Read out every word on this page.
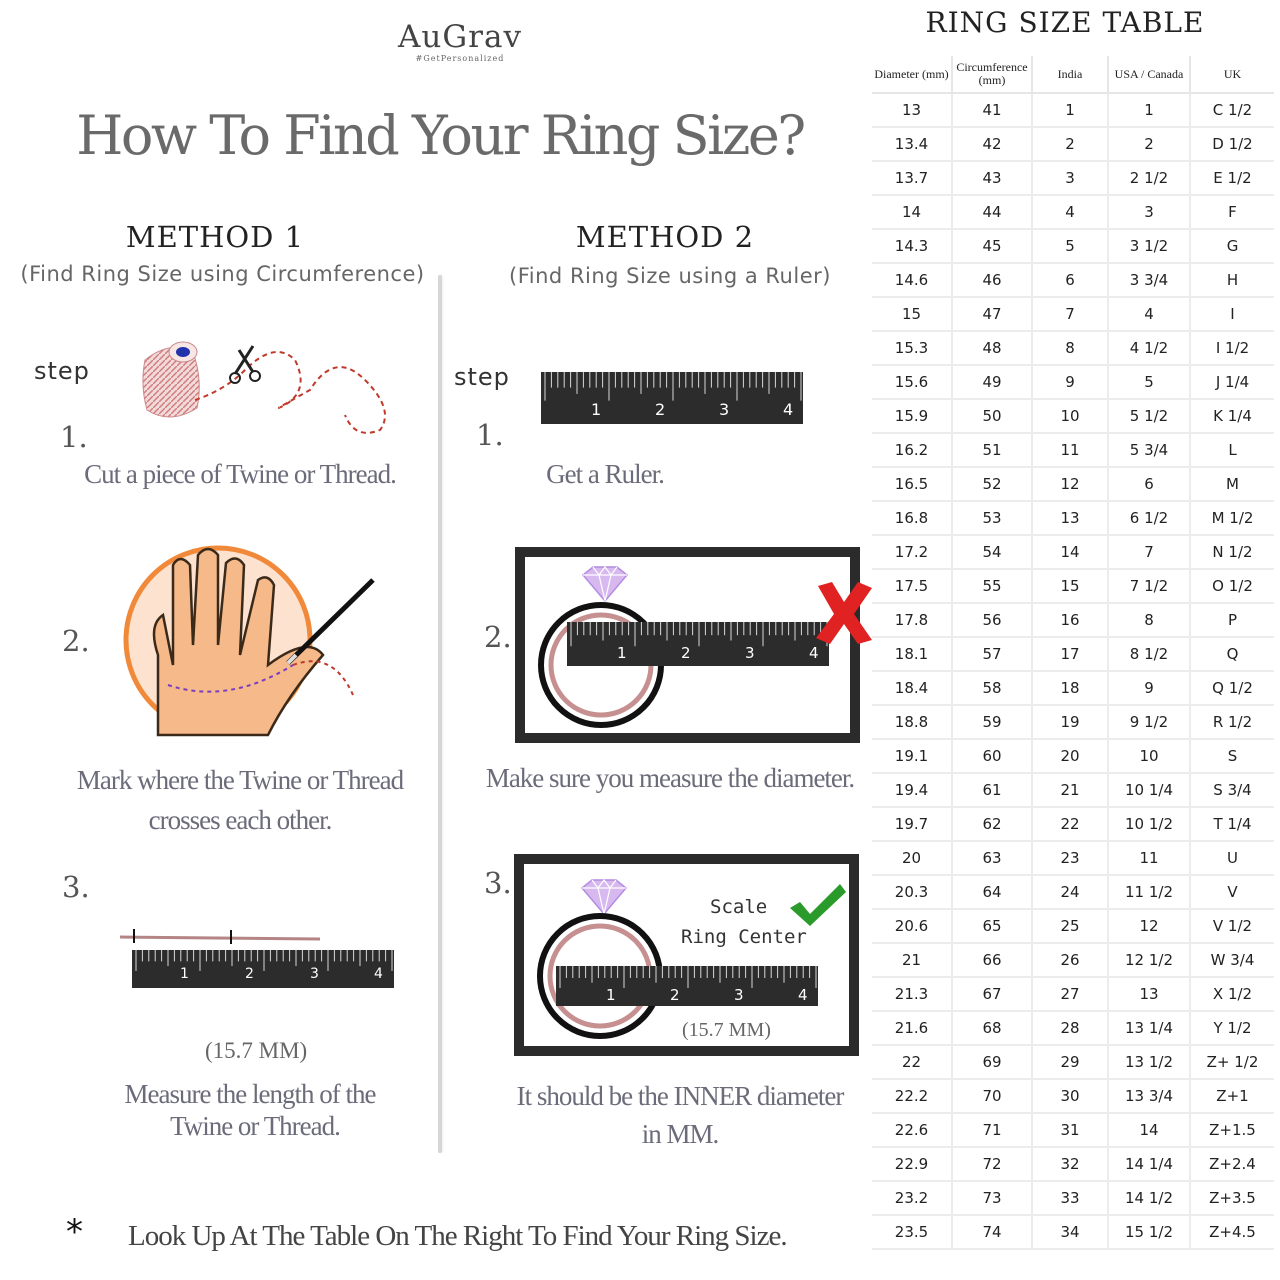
AuGrav
#GetPersonalized
How To Find Your Ring Size?
METHOD 1
(Find Ring Size using Circumference)
METHOD 2
(Find Ring Size using a Ruler)
step
1.
Cut a piece of Twine or Thread.
2.
Mark where the Twine or Thread
crosses each other.
3.
1	2	3	4
(15.7 MM)
Measure the length of the
Twine or Thread.
step
1.
1	2	3	4
Get a Ruler.
2.	1	2	3	4
Make sure you measure the diameter.
3.
Scale
Ring Center
1	2	3	4
(15.7 MM)
It should be the INNER diameter
in MM.
* Look Up At The Table On The Right To Find Your Ring Size.
RING SIZE TABLE
Diameter (mm)	Circumference (mm)	India	USA / Canada	UK
13	41	1	1	C 1/2
13.4	42	2	2	D 1/2
13.7	43	3	2 1/2	E 1/2
14	44	4	3	F
14.3	45	5	3 1/2	G
14.6	46	6	3 3/4	H
15	47	7	4	I
15.3	48	8	4 1/2	I 1/2
15.6	49	9	5	J 1/4
15.9	50	10	5 1/2	K 1/4
16.2	51	11	5 3/4	L
16.5	52	12	6	M
16.8	53	13	6 1/2	M 1/2
17.2	54	14	7	N 1/2
17.5	55	15	7 1/2	O 1/2
17.8	56	16	8	P
18.1	57	17	8 1/2	Q
18.4	58	18	9	Q 1/2
18.8	59	19	9 1/2	R 1/2
19.1	60	20	10	S
19.4	61	21	10 1/4	S 3/4
19.7	62	22	10 1/2	T 1/4
20	63	23	11	U
20.3	64	24	11 1/2	V
20.6	65	25	12	V 1/2
21	66	26	12 1/2	W 3/4
21.3	67	27	13	X 1/2
21.6	68	28	13 1/4	Y 1/2
22	69	29	13 1/2	Z+ 1/2
22.2	70	30	13 3/4	Z+1
22.6	71	31	14	Z+1.5
22.9	72	32	14 1/4	Z+2.4
23.2	73	33	14 1/2	Z+3.5
23.5	74	34	15 1/2	Z+4.5
